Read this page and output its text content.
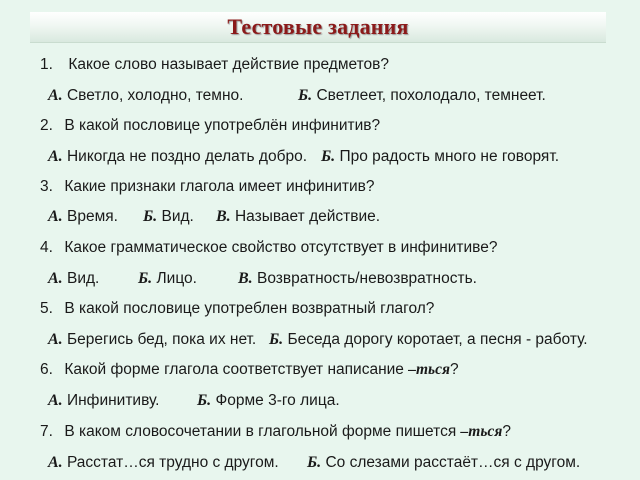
Тестовые задания
1. Какое слово называет действие предметов?
А. Светло, холодно, темно.	Б. Светлеет, похолодало, темнеет.
2. В какой пословице употреблён инфинитив?
А. Никогда не поздно делать добро. Б. Про радость много не говорят.
3. Какие признаки глагола имеет инфинитив?
А. Время. Б. Вид. В. Называет действие.
4. Какое грамматическое свойство отсутствует в инфинитиве?
А. Вид. Б. Лицо.	В. Возвратность/невозвратность.
5. В какой пословице употреблен возвратный глагол?
А. Берегись бед, пока их нет. Б. Беседа дорогу коротает, а песня - работу.
6. Какой форме глагола соответствует написание –ться?
А. Инфинитиву. Б. Форме 3-го лица.
7. В каком словосочетании в глагольной форме пишется –ться?
А. Расстат…ся трудно с другом. Б. Со слезами расстаёт…ся с другом.
